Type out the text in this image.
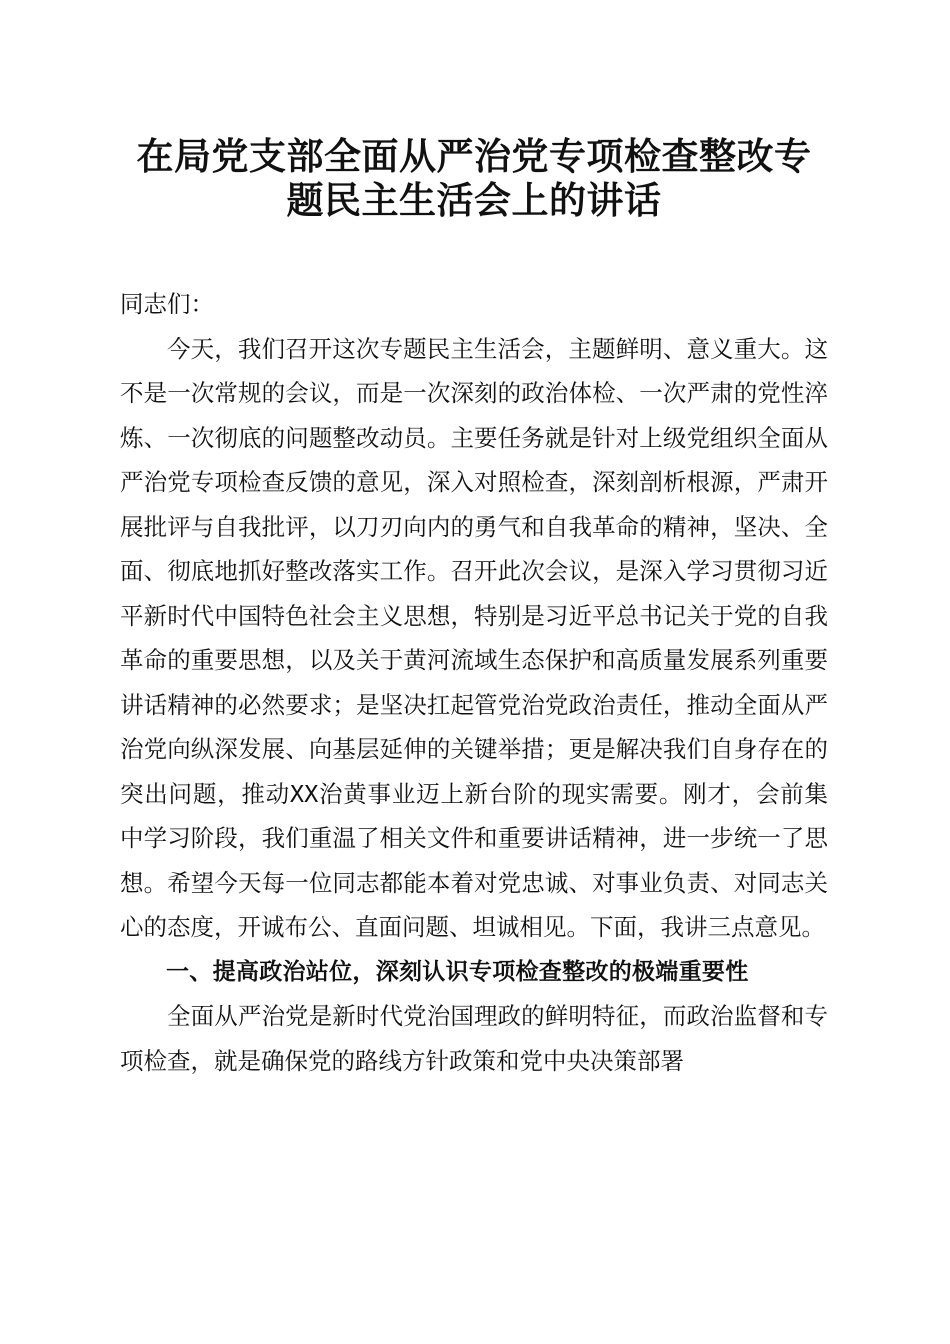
在局党支部全面从严治党专项检查整改专题民主生活会上的讲话

同志们：

今天，我们召开这次专题民主生活会，主题鲜明、意义重大。这不是一次常规的会议，而是一次深刻的政治体检、一次严肃的党性淬炼、一次彻底的问题整改动员。主要任务就是针对上级党组织全面从严治党专项检查反馈的意见，深入对照检查，深刻剖析根源，严肃开展批评与自我批评，以刀刃向内的勇气和自我革命的精神，坚决、全面、彻底地抓好整改落实工作。召开此次会议，是深入学习贯彻习近平新时代中国特色社会主义思想，特别是习近平总书记关于党的自我革命的重要思想，以及关于黄河流域生态保护和高质量发展系列重要讲话精神的必然要求；是坚决扛起管党治党政治责任，推动全面从严治党向纵深发展、向基层延伸的关键举措；更是解决我们自身存在的突出问题，推动XX治黄事业迈上新台阶的现实需要。刚才，会前集中学习阶段，我们重温了相关文件和重要讲话精神，进一步统一了思想。希望今天每一位同志都能本着对党忠诚、对事业负责、对同志关心的态度，开诚布公、直面问题、坦诚相见。下面，我讲三点意见。

一、提高政治站位，深刻认识专项检查整改的极端重要性

全面从严治党是新时代党治国理政的鲜明特征，而政治监督和专项检查，就是确保党的路线方针政策和党中央决策部署
